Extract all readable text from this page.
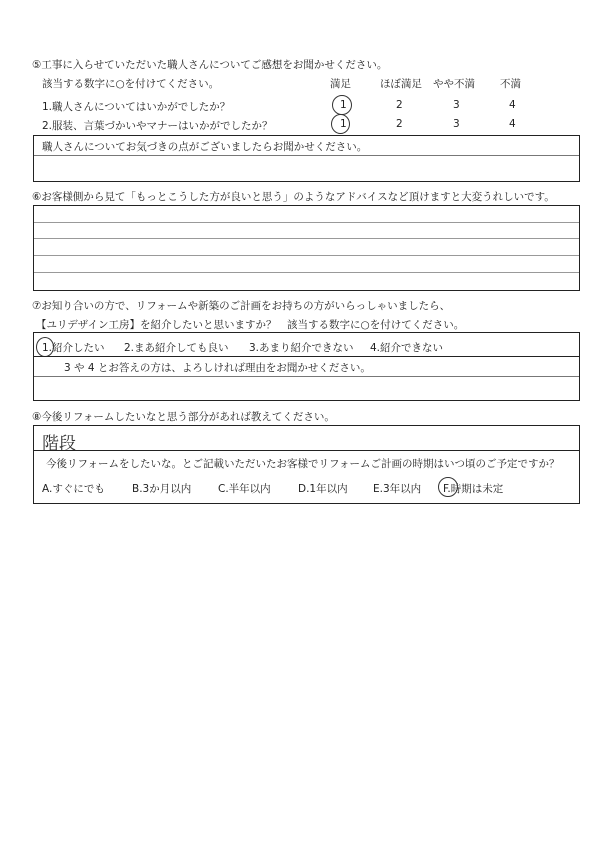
⑤工事に入らせていただいた職人さんについてご感想をお聞かせください。
該当する数字に○を付けてください。	満足	ほぼ満足 やや不満 不満
1.職人さんについてはいかがでしたか？	1	2	3	4
2.服装、言葉づかいやマナーはいかがでしたか？	1	2	3	4
職人さんについてお気づきの点がございましたらお聞かせください。
⑥お客様側から見て「もっとこうした方が良いと思う」のようなアドバイスなど頂けますと大変うれしいです。
⑦お知り合いの方で、リフォームや新築のご計画をお持ちの方がいらっしゃいましたら、
【ユリデザイン工房】を紹介したいと思いますか？　該当する数字に○を付けてください。
1.紹介したい 2.まあ紹介しても良い 3.あまり紹介できない 4.紹介できない
3 や 4 とお答えの方は、よろしければ理由をお聞かせください。
⑧今後リフォームしたいなと思う部分があれば教えてください。
階段
今後リフォームをしたいな。とご記載いただいたお客様でリフォームご計画の時期はいつ頃のご予定ですか？
A.すぐにでも	B.3か月以内	C.半年以内	D.1年以内 E.3年以内 F.時期は未定
